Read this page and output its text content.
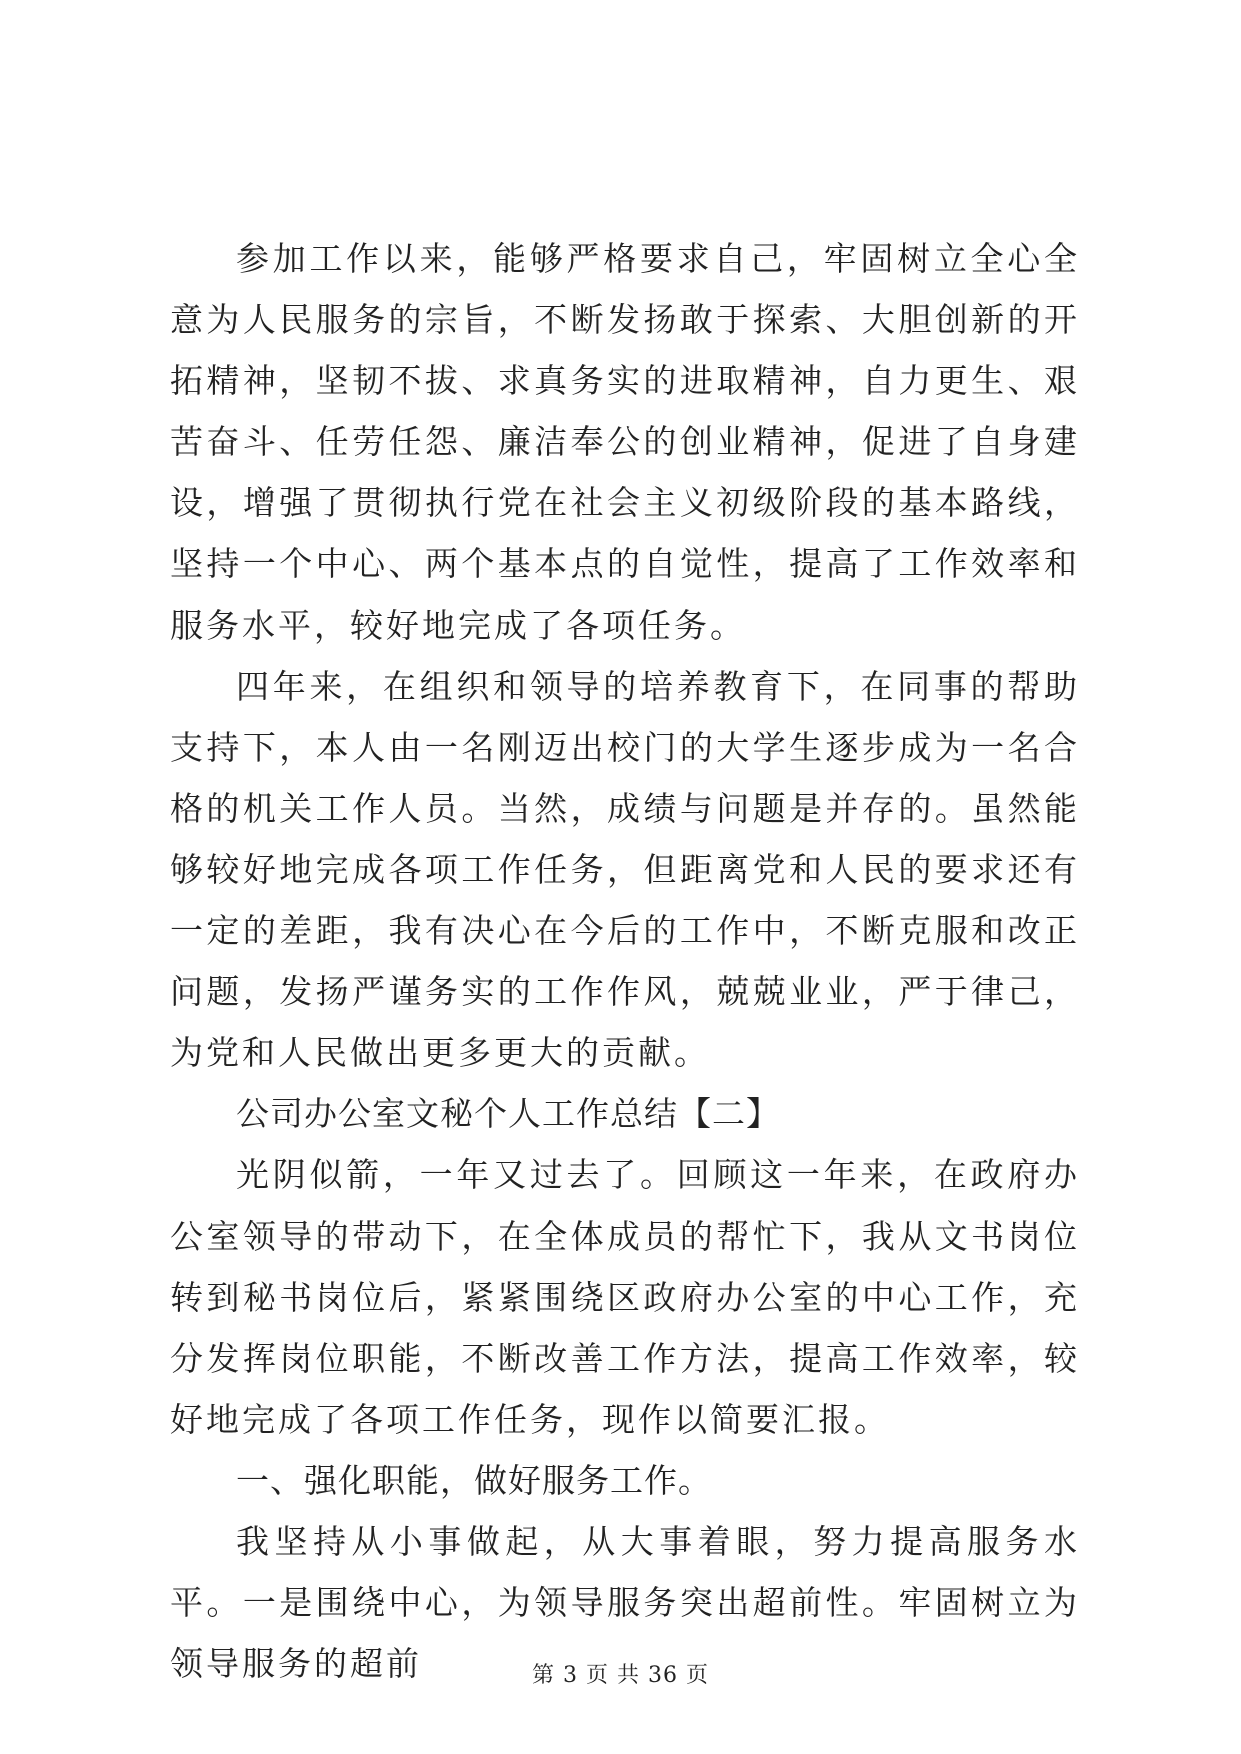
参加工作以来，能够严格要求自己，牢固树立全心全意为人民服务的宗旨，不断发扬敢于探索、大胆创新的开拓精神，坚韧不拔、求真务实的进取精神，自力更生、艰苦奋斗、任劳任怨、廉洁奉公的创业精神，促进了自身建设，增强了贯彻执行党在社会主义初级阶段的基本路线，坚持一个中心、两个基本点的自觉性，提高了工作效率和服务水平，较好地完成了各项任务。

四年来，在组织和领导的培养教育下，在同事的帮助支持下，本人由一名刚迈出校门的大学生逐步成为一名合格的机关工作人员。当然，成绩与问题是并存的。虽然能够较好地完成各项工作任务，但距离党和人民的要求还有一定的差距，我有决心在今后的工作中，不断克服和改正问题，发扬严谨务实的工作作风，兢兢业业，严于律己，为党和人民做出更多更大的贡献。

公司办公室文秘个人工作总结【二】

光阴似箭，一年又过去了。回顾这一年来，在政府办公室领导的带动下，在全体成员的帮忙下，我从文书岗位转到秘书岗位后，紧紧围绕区政府办公室的中心工作，充分发挥岗位职能，不断改善工作方法，提高工作效率，较好地完成了各项工作任务，现作以简要汇报。

一、强化职能，做好服务工作。

我坚持从小事做起，从大事着眼，努力提高服务水平。一是围绕中心，为领导服务突出超前性。牢固树立为领导服务的超前	第 3 页 共 36 页
